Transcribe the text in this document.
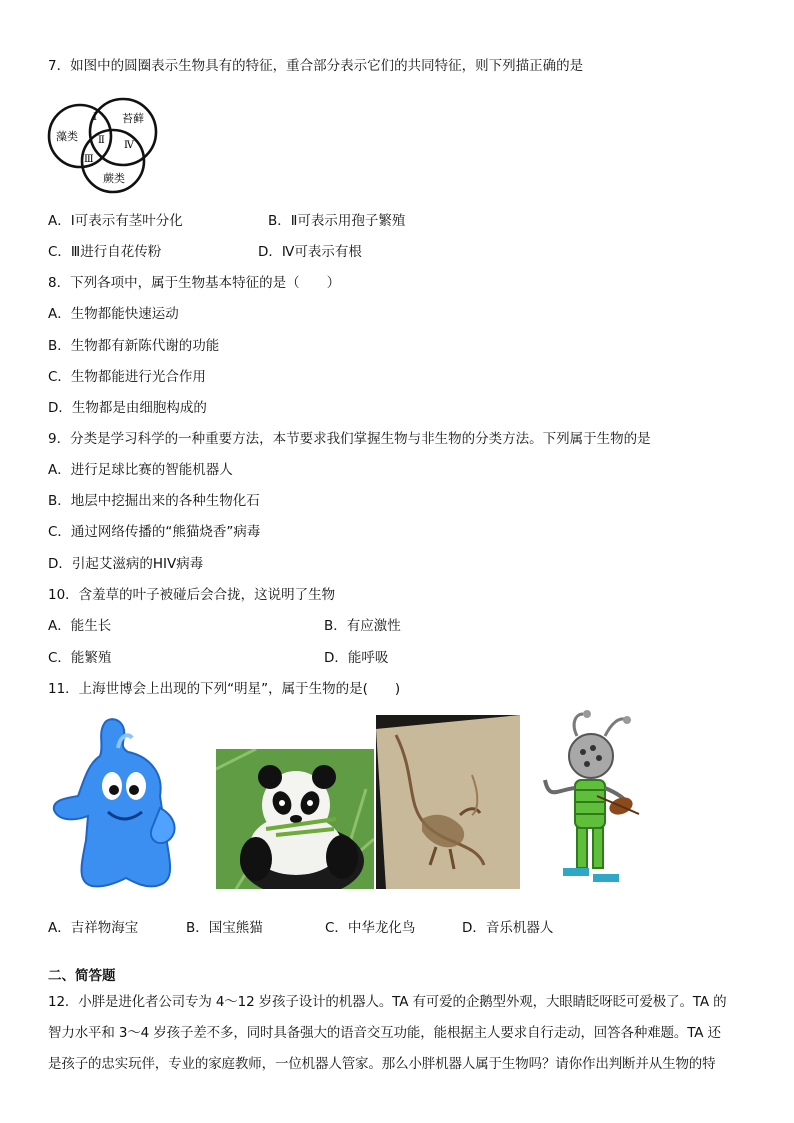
7．如图中的圆圈表示生物具有的特征，重合部分表示它们的共同特征，则下列描正确的是
藻类
苔藓
蕨类
Ⅰ
Ⅱ
Ⅲ
Ⅳ
A．Ⅰ可表示有茎叶分化	B．Ⅱ可表示用孢子繁殖
C．Ⅲ进行自花传粉	D．Ⅳ可表示有根
8．下列各项中，属于生物基本特征的是（　　）
A．生物都能快速运动
B．生物都有新陈代谢的功能
C．生物都能进行光合作用
D．生物都是由细胞构成的
9．分类是学习科学的一种重要方法，本节要求我们掌握生物与非生物的分类方法。下列属于生物的是
A．进行足球比赛的智能机器人
B．地层中挖掘出来的各种生物化石
C．通过网络传播的“熊猫烧香”病毒
D．引起艾滋病的HIV病毒
10．含羞草的叶子被碰后会合拢，这说明了生物
A．能生长	B．有应激性
C．能繁殖	D．能呼吸
11．上海世博会上出现的下列“明星”，属于生物的是(　　)
A．吉祥物海宝	B．国宝熊猫	C．中华龙化鸟	D．音乐机器人
二、简答题
12．小胖是进化者公司专为 4～12 岁孩子设计的机器人。TA 有可爱的企鹅型外观，大眼睛眨呀眨可爱极了。TA 的
智力水平和 3～4 岁孩子差不多，同时具备强大的语音交互功能，能根据主人要求自行走动，回答各种难题。TA 还
是孩子的忠实玩伴，专业的家庭教师，一位机器人管家。那么小胖机器人属于生物吗？请你作出判断并从生物的特
